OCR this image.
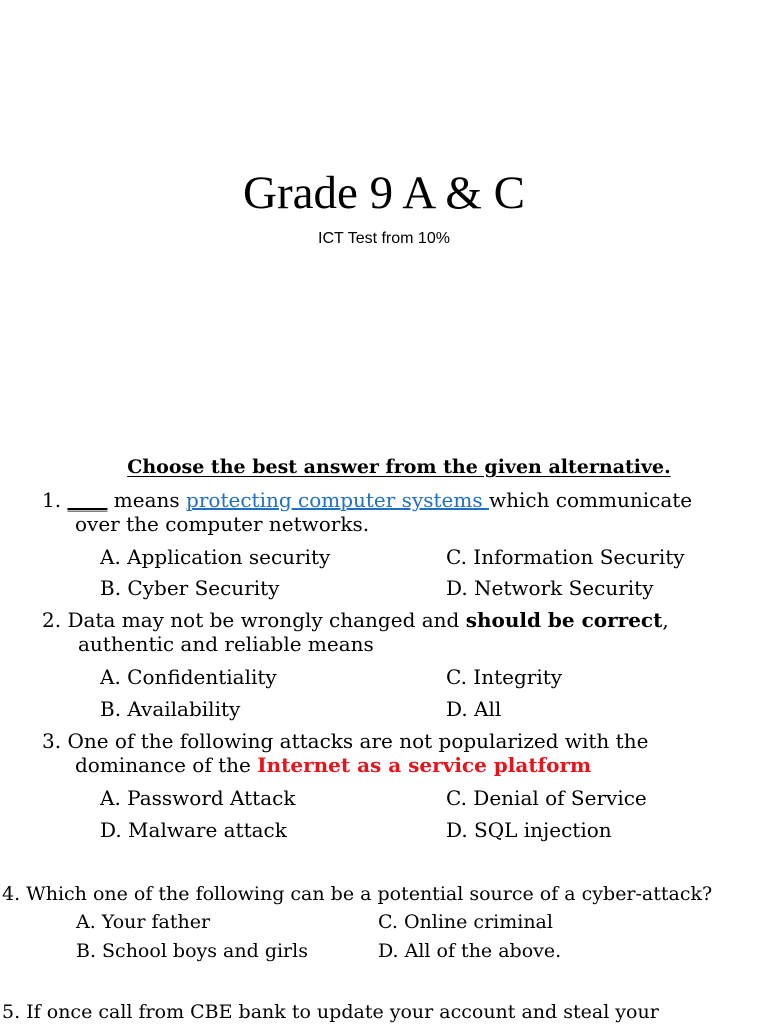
Grade 9 A & C
ICT Test from 10%
Choose the best answer from the given alternative.
1. ____ means protecting computer systems which communicate
over the computer networks.
A. Application security	C. Information Security
B. Cyber Security	D. Network Security
2. Data may not be wrongly changed and should be correct,
authentic and reliable means
A. Confidentiality	C. Integrity
B. Availability	D. All
3. One of the following attacks are not popularized with the
dominance of the Internet as a service platform
A. Password Attack	C. Denial of Service
D. Malware attack	D. SQL injection
4. Which one of the following can be a potential source of a cyber-attack?
A. Your father	C. Online criminal
B. School boys and girls	D. All of the above.
5. If once call from CBE bank to update your account and steal your
